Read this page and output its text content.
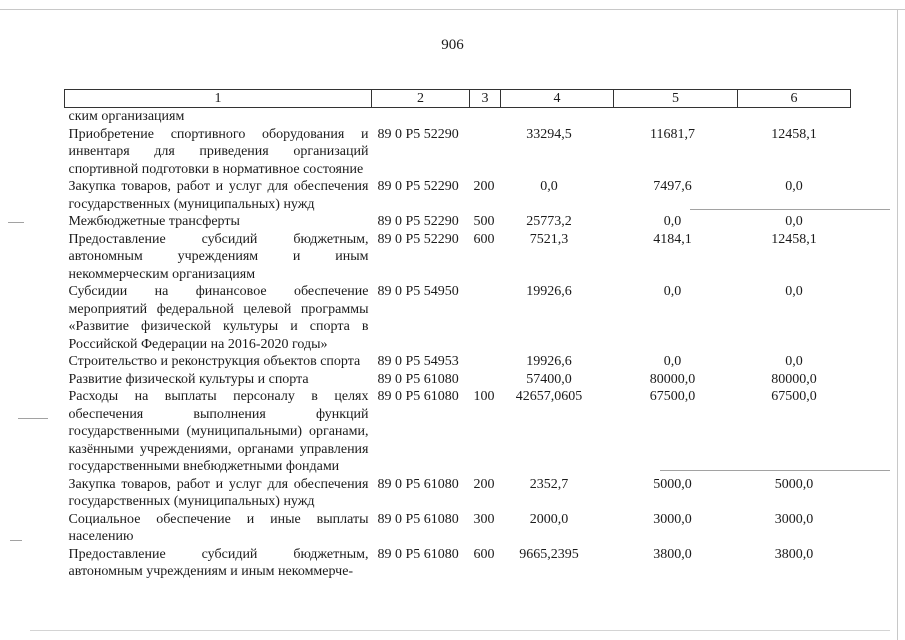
906
1	2	3	4	5	6
ским организациям					
Приобретение спортивного оборудования и инвентаря для приведения организаций спортивной подготовки в нормативное состояние	89 0 P5 52290		33294,5	11681,7	12458,1
Закупка товаров, работ и услуг для обеспечения государственных (муниципальных) нужд	89 0 P5 52290	200	0,0	7497,6	0,0
Межбюджетные трансферты	89 0 P5 52290	500	25773,2	0,0	0,0
Предоставление субсидий бюджетным, автономным учреждениям и иным некоммерческим организациям	89 0 P5 52290	600	7521,3	4184,1	12458,1
Субсидии на финансовое обеспечение мероприятий федеральной целевой программы «Развитие физической культуры и спорта в Российской Федерации на 2016-2020 годы»	89 0 P5 54950		19926,6	0,0	0,0
Строительство и реконструкция объектов спорта	89 0 P5 54953		19926,6	0,0	0,0
Развитие физической культуры и спорта	89 0 P5 61080		57400,0	80000,0	80000,0
Расходы на выплаты персоналу в целях обеспечения выполнения функций государственными (муниципальными) органами, казёнными учреждениями, органами управления государственными внебюджетными фондами	89 0 P5 61080	100	42657,0605	67500,0	67500,0
Закупка товаров, работ и услуг для обеспечения государственных (муниципальных) нужд	89 0 P5 61080	200	2352,7	5000,0	5000,0
Социальное обеспечение и иные выплаты населению	89 0 P5 61080	300	2000,0	3000,0	3000,0
Предоставление субсидий бюджетным, автономным учреждениям и иным некоммерче-	89 0 P5 61080	600	9665,2395	3800,0	3800,0
